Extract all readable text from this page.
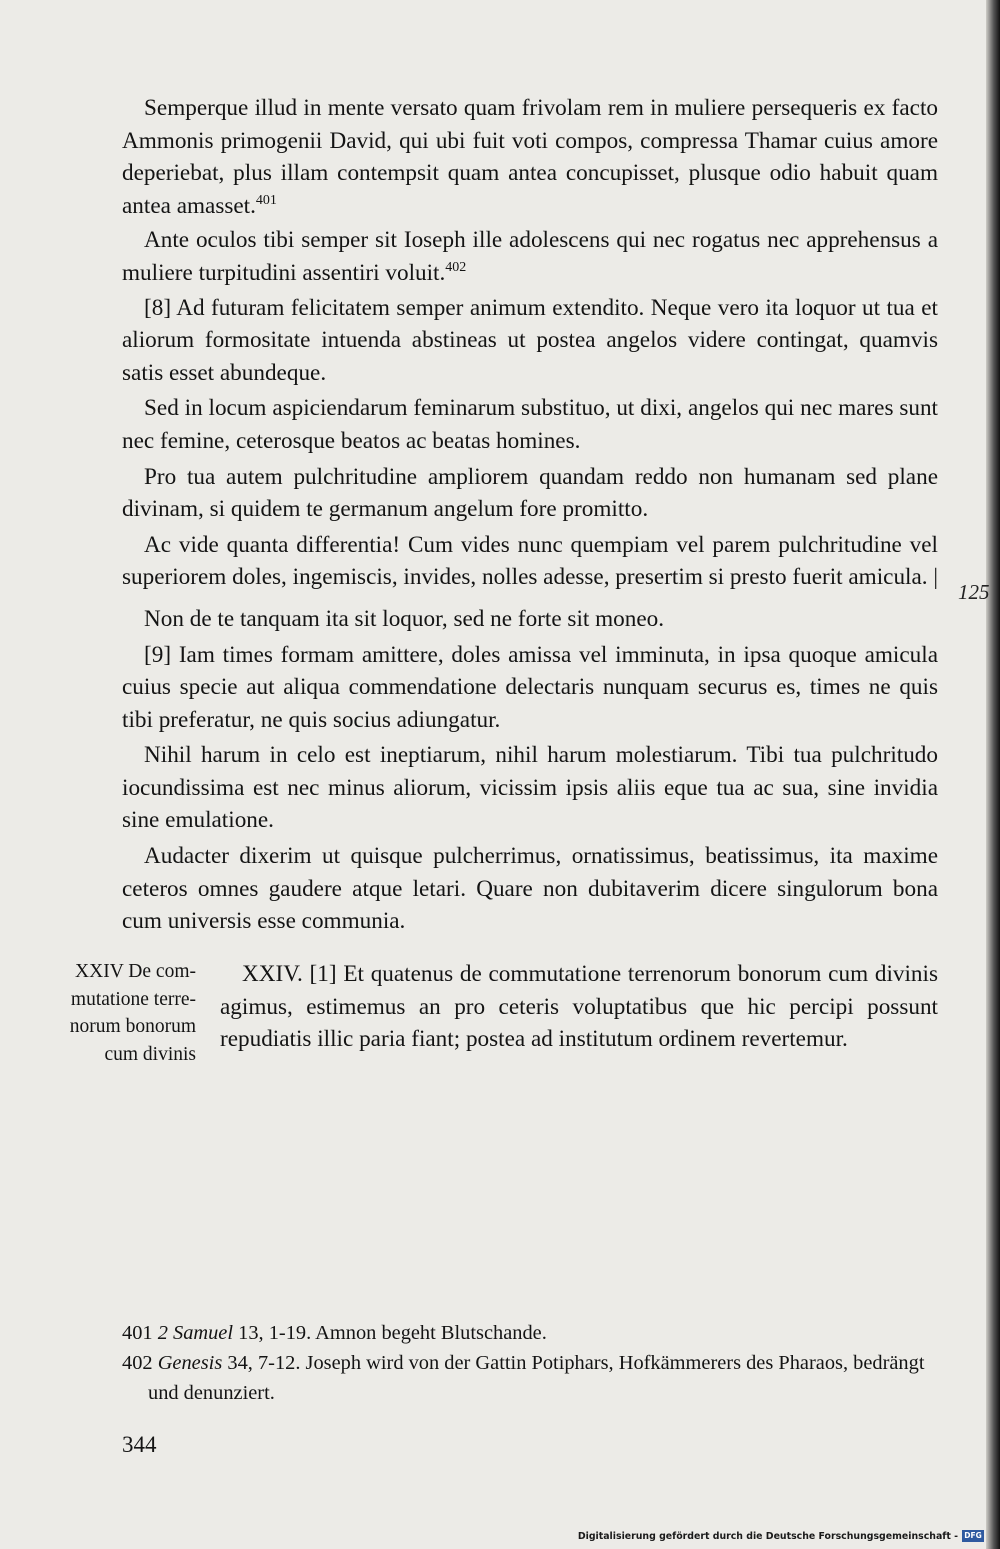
Semperque illud in mente versato quam frivolam rem in muliere persequeris ex facto Ammonis primogenii David, qui ubi fuit voti compos, compressa Thamar cuius amore deperiebat, plus illam contempsit quam antea concupisset, plusque odio habuit quam antea amasset.$^{401}$

Ante oculos tibi semper sit Ioseph ille adolescens qui nec rogatus nec apprehensus a muliere turpitudini assentiri voluit.$^{402}$

[8] Ad futuram felicitatem semper animum extendito. Neque vero ita loquor ut tua et aliorum formositate intuenda abstineas ut postea angelos videre contingat, quamvis satis esset abundeque.

Sed in locum aspiciendarum feminarum substituo, ut dixi, angelos qui nec mares sunt nec femine, ceterosque beatos ac beatas homines.

Pro tua autem pulchritudine ampliorem quandam reddo non humanam sed plane divinam, si quidem te germanum angelum fore promitto.

Ac vide quanta differentia! Cum vides nunc quempiam vel parem pulchritudine vel superiorem doles, ingemiscis, invides, nolles adesse, presertim si presto fuerit amicula. |

Non de te tanquam ita sit loquor, sed ne forte sit moneo.

[9] Iam times formam amittere, doles amissa vel imminuta, in ipsa quoque amicula cuius specie aut aliqua commendatione delectaris nunquam securus es, times ne quis tibi preferatur, ne quis socius adiungatur.

Nihil harum in celo est ineptiarum, nihil harum molestiarum. Tibi tua pulchritudo iocundissima est nec minus aliorum, vicissim ipsis aliis eque tua ac sua, sine invidia sine emulatione.

Audacter dixerim ut quisque pulcherrimus, ornatissimus, beatissimus, ita maxime ceteros omnes gaudere atque letari. Quare non dubitaverim dicere singulorum bona cum universis esse communia.

125
XXIV De com-
mutatione terre-
norum bonorum
cum divinis

XXIV. [1] Et quatenus de commutatione terrenorum bonorum cum divinis agimus, estimemus an pro ceteris voluptatibus que hic percipi possunt repudiatis illic paria fiant; postea ad institutum ordinem revertemur.

401 2 Samuel 13, 1-19. Amnon begeht Blutschande.

402 Genesis 34, 7-12. Joseph wird von der Gattin Potiphars, Hofkämmerers des Pharaos, bedrängt und denunziert.

344
Digitalisierung gefördert durch die Deutsche Forschungsgemeinschaft - DFG
